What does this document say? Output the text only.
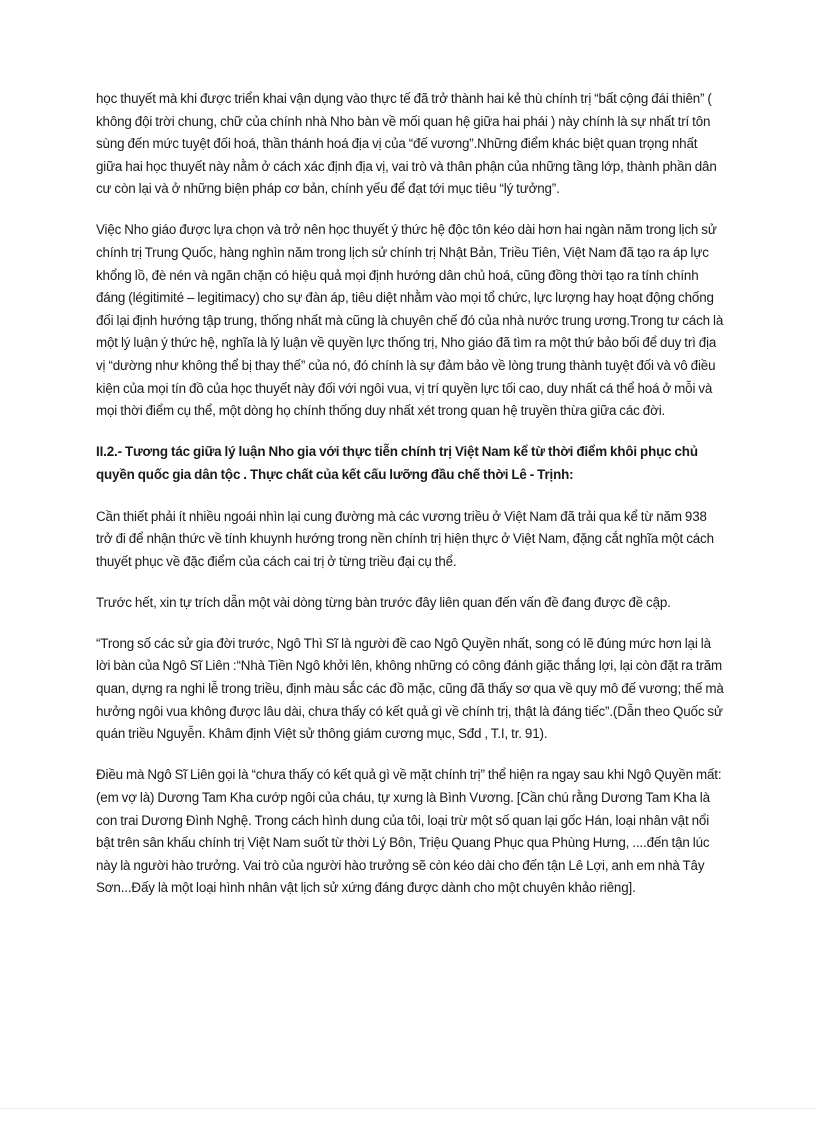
học thuyết mà khi được triển khai vận dụng vào thực tế đã trở thành hai kẻ thù chính trị “bất cộng đái thiên” ( không đội trời chung, chữ của chính nhà Nho bàn về mối quan hệ giữa hai phái ) này chính là sự nhất trí tôn sùng đến mức tuyệt đối hoá, thần thánh hoá địa vị của “đế vương”.Những điểm khác biệt quan trọng nhất giữa hai học thuyết này nằm ở cách xác định địa vị, vai trò và thân phận của những tầng lớp, thành phần dân cư còn lại và ở những biện pháp cơ bản, chính yếu để đạt tới mục tiêu “lý tưởng”.

Việc Nho giáo được lựa chọn và trở nên học thuyết ý thức hệ độc tôn kéo dài hơn hai ngàn năm trong lịch sử chính trị Trung Quốc, hàng nghìn năm trong lịch sử chính trị Nhật Bản, Triều Tiên, Việt Nam đã tạo ra áp lực khổng lồ, đè nén và ngăn chặn có hiệu quả mọi định hướng dân chủ hoá, cũng đồng thời tạo ra tính chính đáng (légitimité – legitimacy) cho sự đàn áp, tiêu diệt nhằm vào mọi tổ chức, lực lượng hay hoạt động chống đối lại định hướng tập trung, thống nhất mà cũng là chuyên chế đó của nhà nước trung ương.Trong tư cách là một lý luận ý thức hệ, nghĩa là lý luận về quyền lực thống trị, Nho giáo đã tìm ra một thứ bảo bối để duy trì địa vị “dường như không thể bị thay thế” của nó, đó chính là sự đảm bảo về lòng trung thành tuyệt đối và vô điều kiện của mọi tín đồ của học thuyết này đối với ngôi vua, vị trí quyền lực tối cao, duy nhất cá thể hoá ở mỗi và mọi thời điểm cụ thể, một dòng họ chính thống duy nhất xét trong quan hệ truyền thừa giữa các đời.

II.2.- Tương tác giữa lý luận Nho gia với thực tiễn chính trị Việt Nam kể từ thời điểm khôi phục chủ quyền quốc gia dân tộc . Thực chất của kết cấu lưỡng đầu chế thời Lê - Trịnh:

Cần thiết phải ít nhiều ngoái nhìn lại cung đường mà các vương triều ở Việt Nam đã trải qua kể từ năm 938 trở đi để nhận thức về tính khuynh hướng trong nền chính trị hiện thực ở Việt Nam, đặng cắt nghĩa một cách thuyết phục về đặc điểm của cách cai trị ở từng triều đại cụ thể.

Trước hết, xin tự trích dẫn một vài dòng từng bàn trước đây liên quan đến vấn đề đang được đề cập.

“Trong số các sử gia đời trước, Ngô Thì Sĩ là người đề cao Ngô Quyền nhất, song có lẽ đúng mức hơn lại là lời bàn của Ngô Sĩ Liên :“Nhà Tiền Ngô khởi lên, không những có công đánh giặc thắng lợi, lại còn đặt ra trăm quan, dựng ra nghi lễ trong triều, định màu sắc các đồ mặc, cũng đã thấy sơ qua về quy mô đế vương; thế mà hưởng ngôi vua không được lâu dài, chưa thấy có kết quả gì về chính trị, thật là đáng tiếc”.(Dẫn theo Quốc sử quán triều Nguyễn. Khâm định Việt sử thông giám cương mục, Sđd , T.I, tr. 91).

Điều mà Ngô Sĩ Liên gọi là “chưa thấy có kết quả gì về mặt chính trị” thể hiện ra ngay sau khi Ngô Quyền mất: (em vợ là) Dương Tam Kha cướp ngôi của cháu, tự xưng là Bình Vương. [Cần chú rằng Dương Tam Kha là con trai Dương Đình Nghệ. Trong cách hình dung của tôi, loại trừ một số quan lại gốc Hán, loại nhân vật nổi bật trên sân khấu chính trị Việt Nam suốt từ thời Lý Bôn, Triệu Quang Phục qua Phùng Hưng, ....đến tận lúc này là người hào trưởng. Vai trò của người hào trưởng sẽ còn kéo dài cho đến tận Lê Lợi, anh em nhà Tây Sơn...Đấy là một loại hình nhân vật lịch sử xứng đáng được dành cho một chuyên khảo riêng].
